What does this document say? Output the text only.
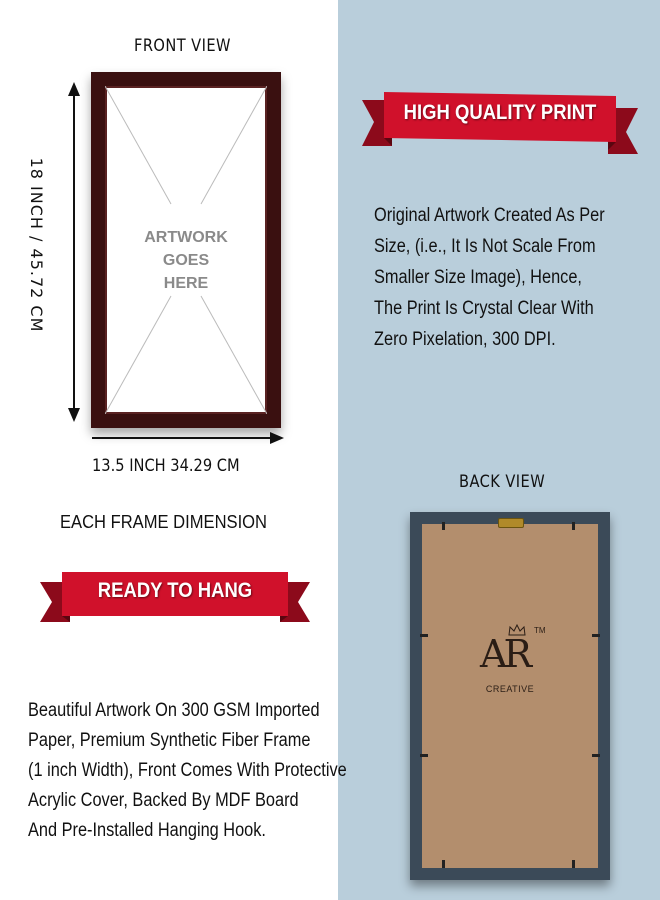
FRONT VIEW
18 INCH / 45.72 CM	ARTWORK
GOES
HERE
13.5 INCH 34.29 CM
EACH FRAME DIMENSION
READY TO HANG
Beautiful Artwork On 300 GSM Imported
Paper, Premium Synthetic Fiber Frame
(1 inch Width), Front Comes With Protective
Acrylic Cover, Backed By MDF Board
And Pre-Installed Hanging Hook.
HIGH QUALITY PRINT
Original Artwork Created As Per
Size, (i.e., It Is Not Scale From
Smaller Size Image), Hence,
The Print Is Crystal Clear With
Zero Pixelation, 300 DPI.
BACK VIEW
AR
TM
CREATIVE
